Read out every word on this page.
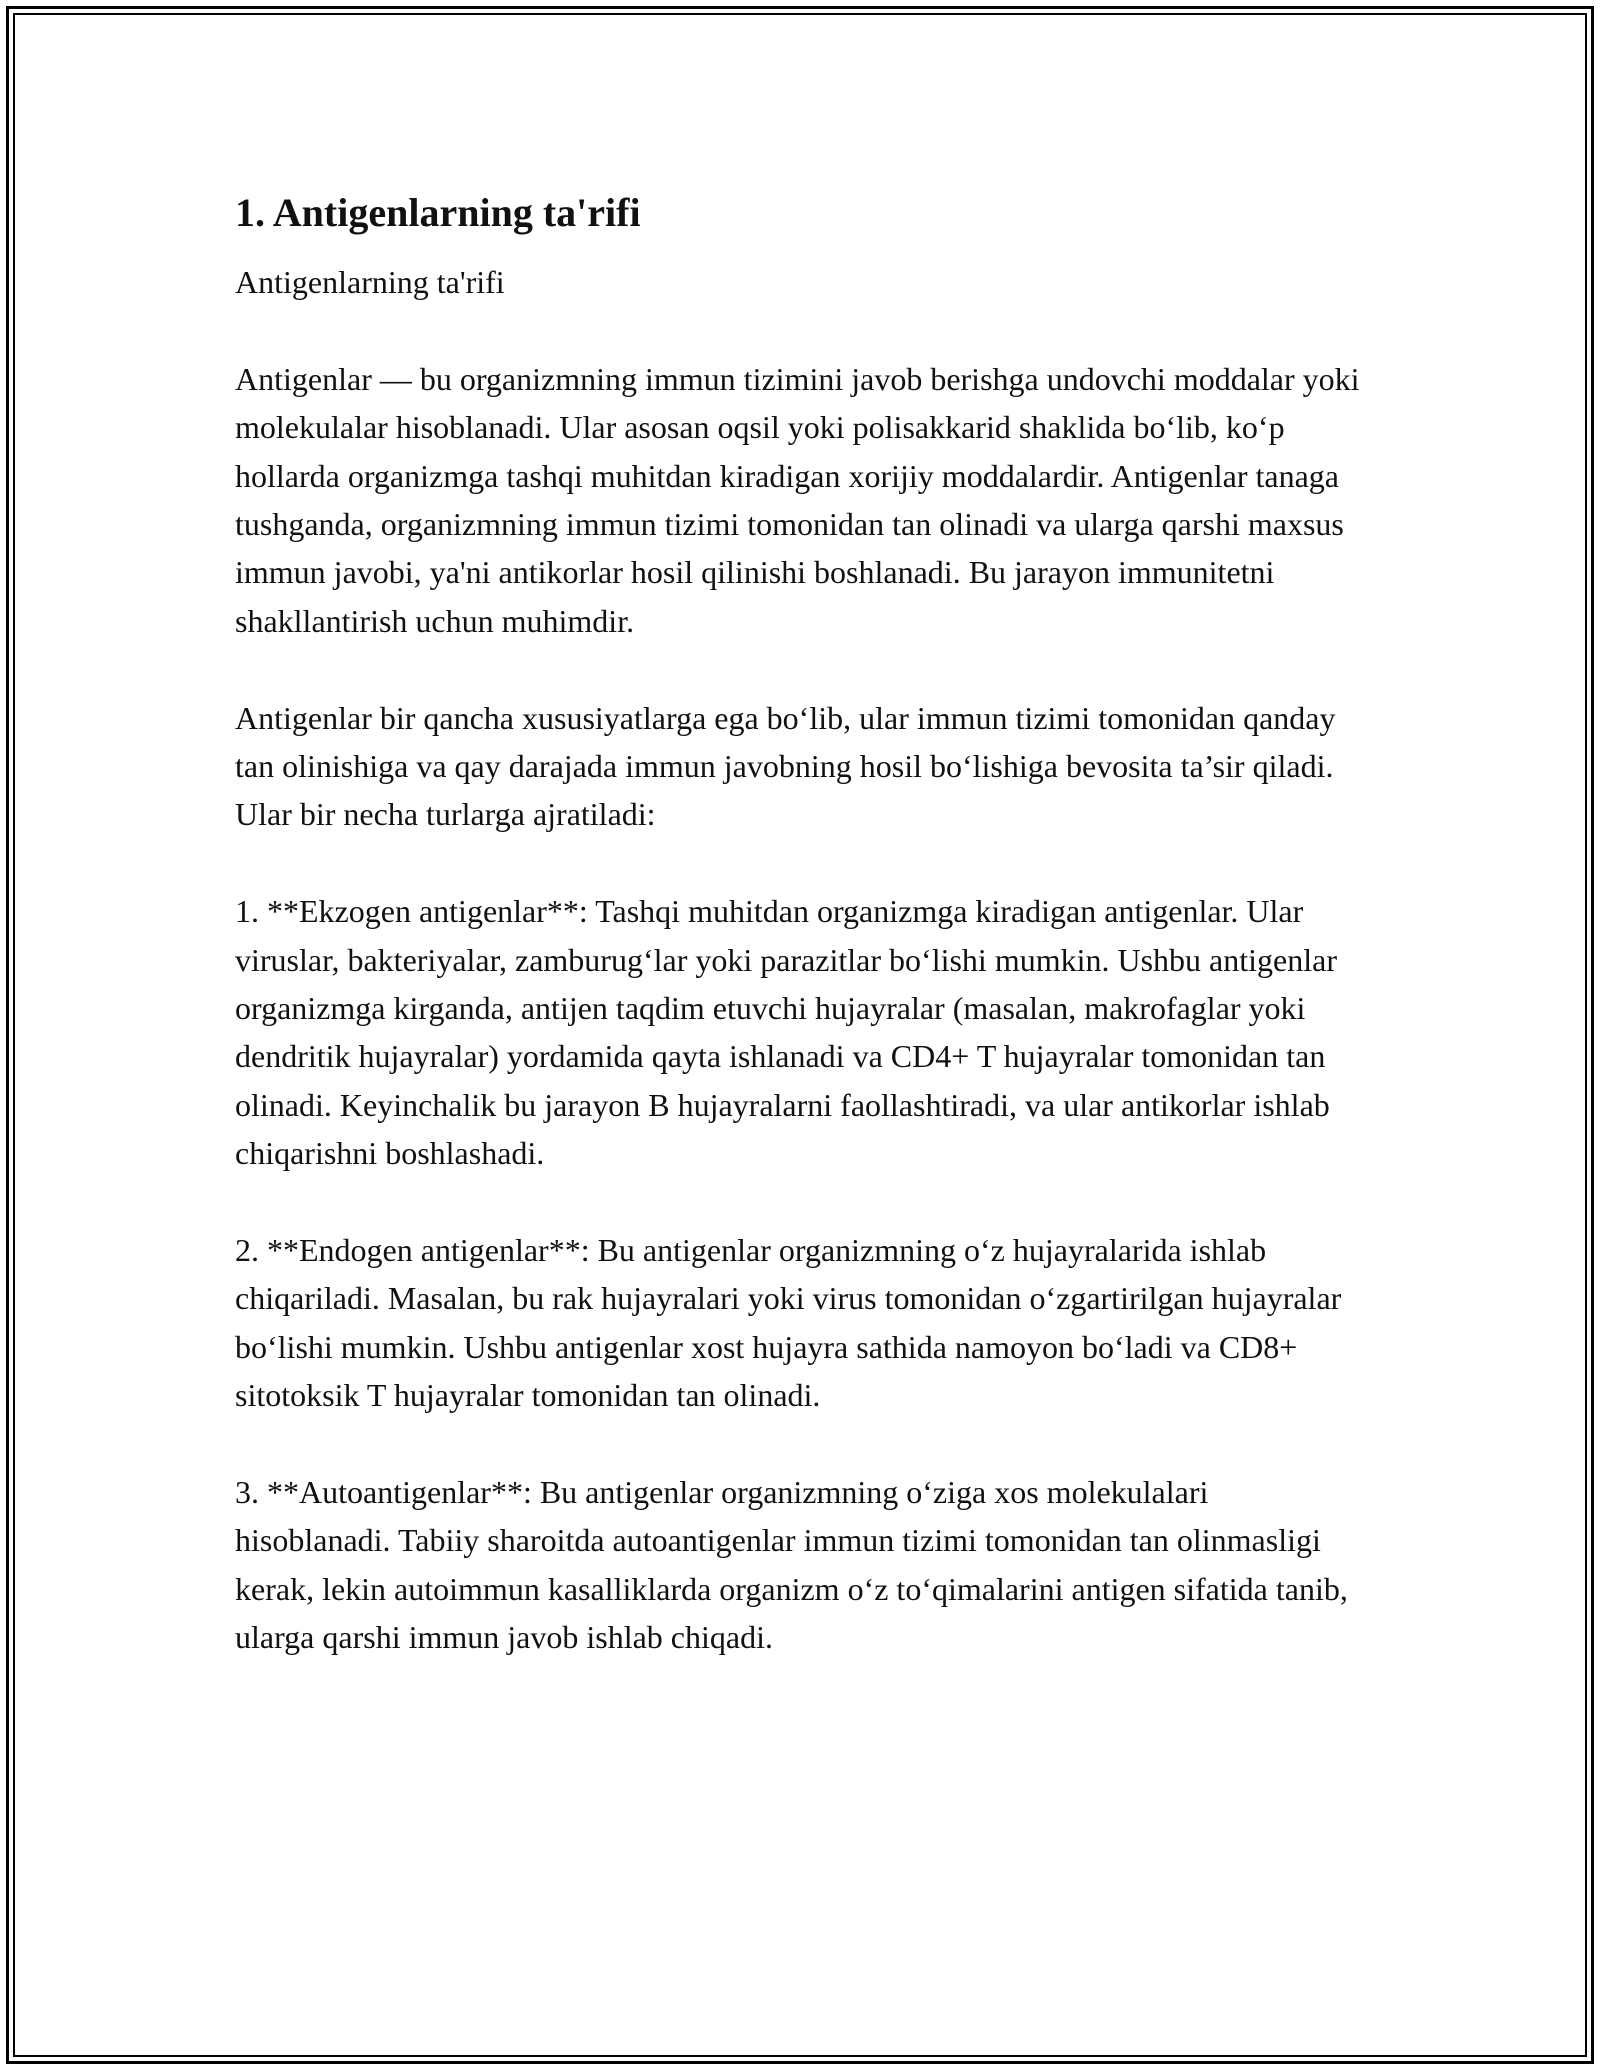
1. Antigenlarning ta'rifi

Antigenlarning ta'rifi

Antigenlar — bu organizmning immun tizimini javob berishga undovchi moddalar yoki molekulalar hisoblanadi. Ular asosan oqsil yoki polisakkarid shaklida bo‘lib, ko‘p hollarda organizmga tashqi muhitdan kiradigan xorijiy moddalardir. Antigenlar tanaga tushganda, organizmning immun tizimi tomonidan tan olinadi va ularga qarshi maxsus immun javobi, ya'ni antikorlar hosil qilinishi boshlanadi. Bu jarayon immunitetni shakllantirish uchun muhimdir.

Antigenlar bir qancha xususiyatlarga ega bo‘lib, ular immun tizimi tomonidan qanday tan olinishiga va qay darajada immun javobning hosil bo‘lishiga bevosita ta’sir qiladi. Ular bir necha turlarga ajratiladi:

1. **Ekzogen antigenlar**: Tashqi muhitdan organizmga kiradigan antigenlar. Ular viruslar, bakteriyalar, zamburug‘lar yoki parazitlar bo‘lishi mumkin. Ushbu antigenlar organizmga kirganda, antijen taqdim etuvchi hujayralar (masalan, makrofaglar yoki dendritik hujayralar) yordamida qayta ishlanadi va CD4+ T hujayralar tomonidan tan olinadi. Keyinchalik bu jarayon B hujayralarni faollashtiradi, va ular antikorlar ishlab chiqarishni boshlashadi.

2. **Endogen antigenlar**: Bu antigenlar organizmning o‘z hujayralarida ishlab chiqariladi. Masalan, bu rak hujayralari yoki virus tomonidan o‘zgartirilgan hujayralar bo‘lishi mumkin. Ushbu antigenlar xost hujayra sathida namoyon bo‘ladi va CD8+ sitotoksik T hujayralar tomonidan tan olinadi.

3. **Autoantigenlar**: Bu antigenlar organizmning o‘ziga xos molekulalari hisoblanadi. Tabiiy sharoitda autoantigenlar immun tizimi tomonidan tan olinmasligi kerak, lekin autoimmun kasalliklarda organizm o‘z to‘qimalarini antigen sifatida tanib, ularga qarshi immun javob ishlab chiqadi.
